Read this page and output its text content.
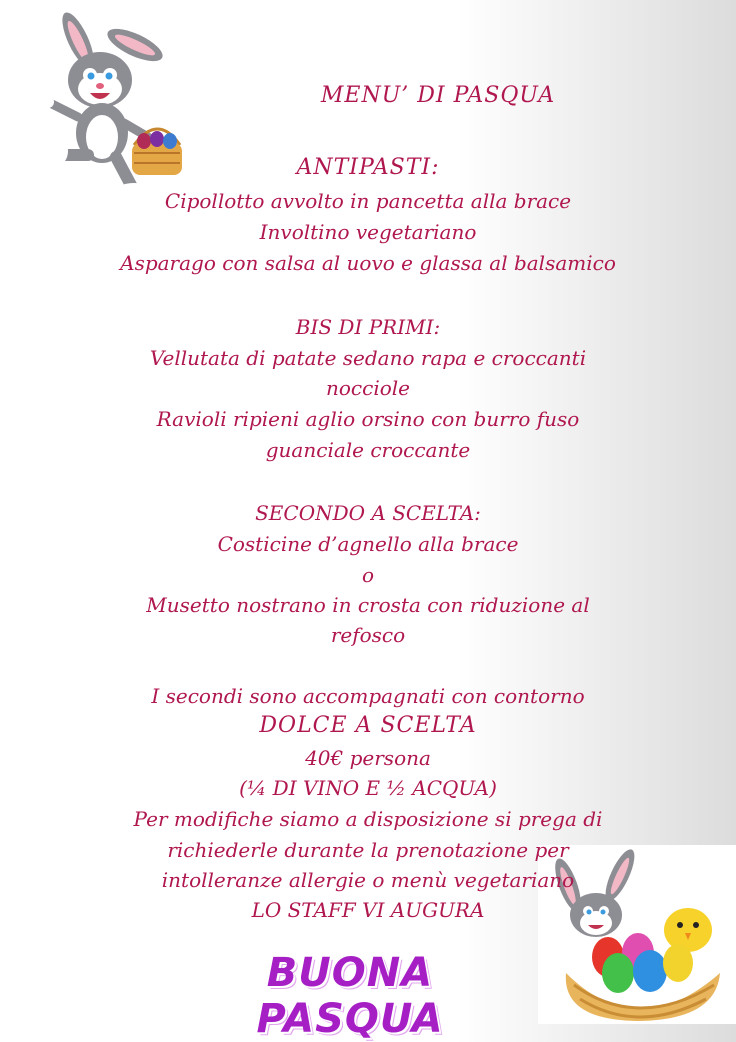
MENU’ DI PASQUA
ANTIPASTI:
Cipollotto avvolto in pancetta alla brace
Involtino vegetariano
Asparago con salsa al uovo e glassa al balsamico
BIS DI PRIMI:
Vellutata di patate sedano rapa e croccanti
nocciole
Ravioli ripieni aglio orsino con burro fuso
guanciale croccante
SECONDO A SCELTA:
Costicine d’agnello alla brace
o
Musetto nostrano in crosta con riduzione al
refosco
I secondi sono accompagnati con contorno
DOLCE A SCELTA
40€ persona
(¼ DI VINO E ½ ACQUA)
Per modifiche siamo a disposizione si prega di
richiederle durante la prenotazione per
intolleranze allergie o menù vegetariano
LO STAFF VI AUGURA
BUONA PASQUA
